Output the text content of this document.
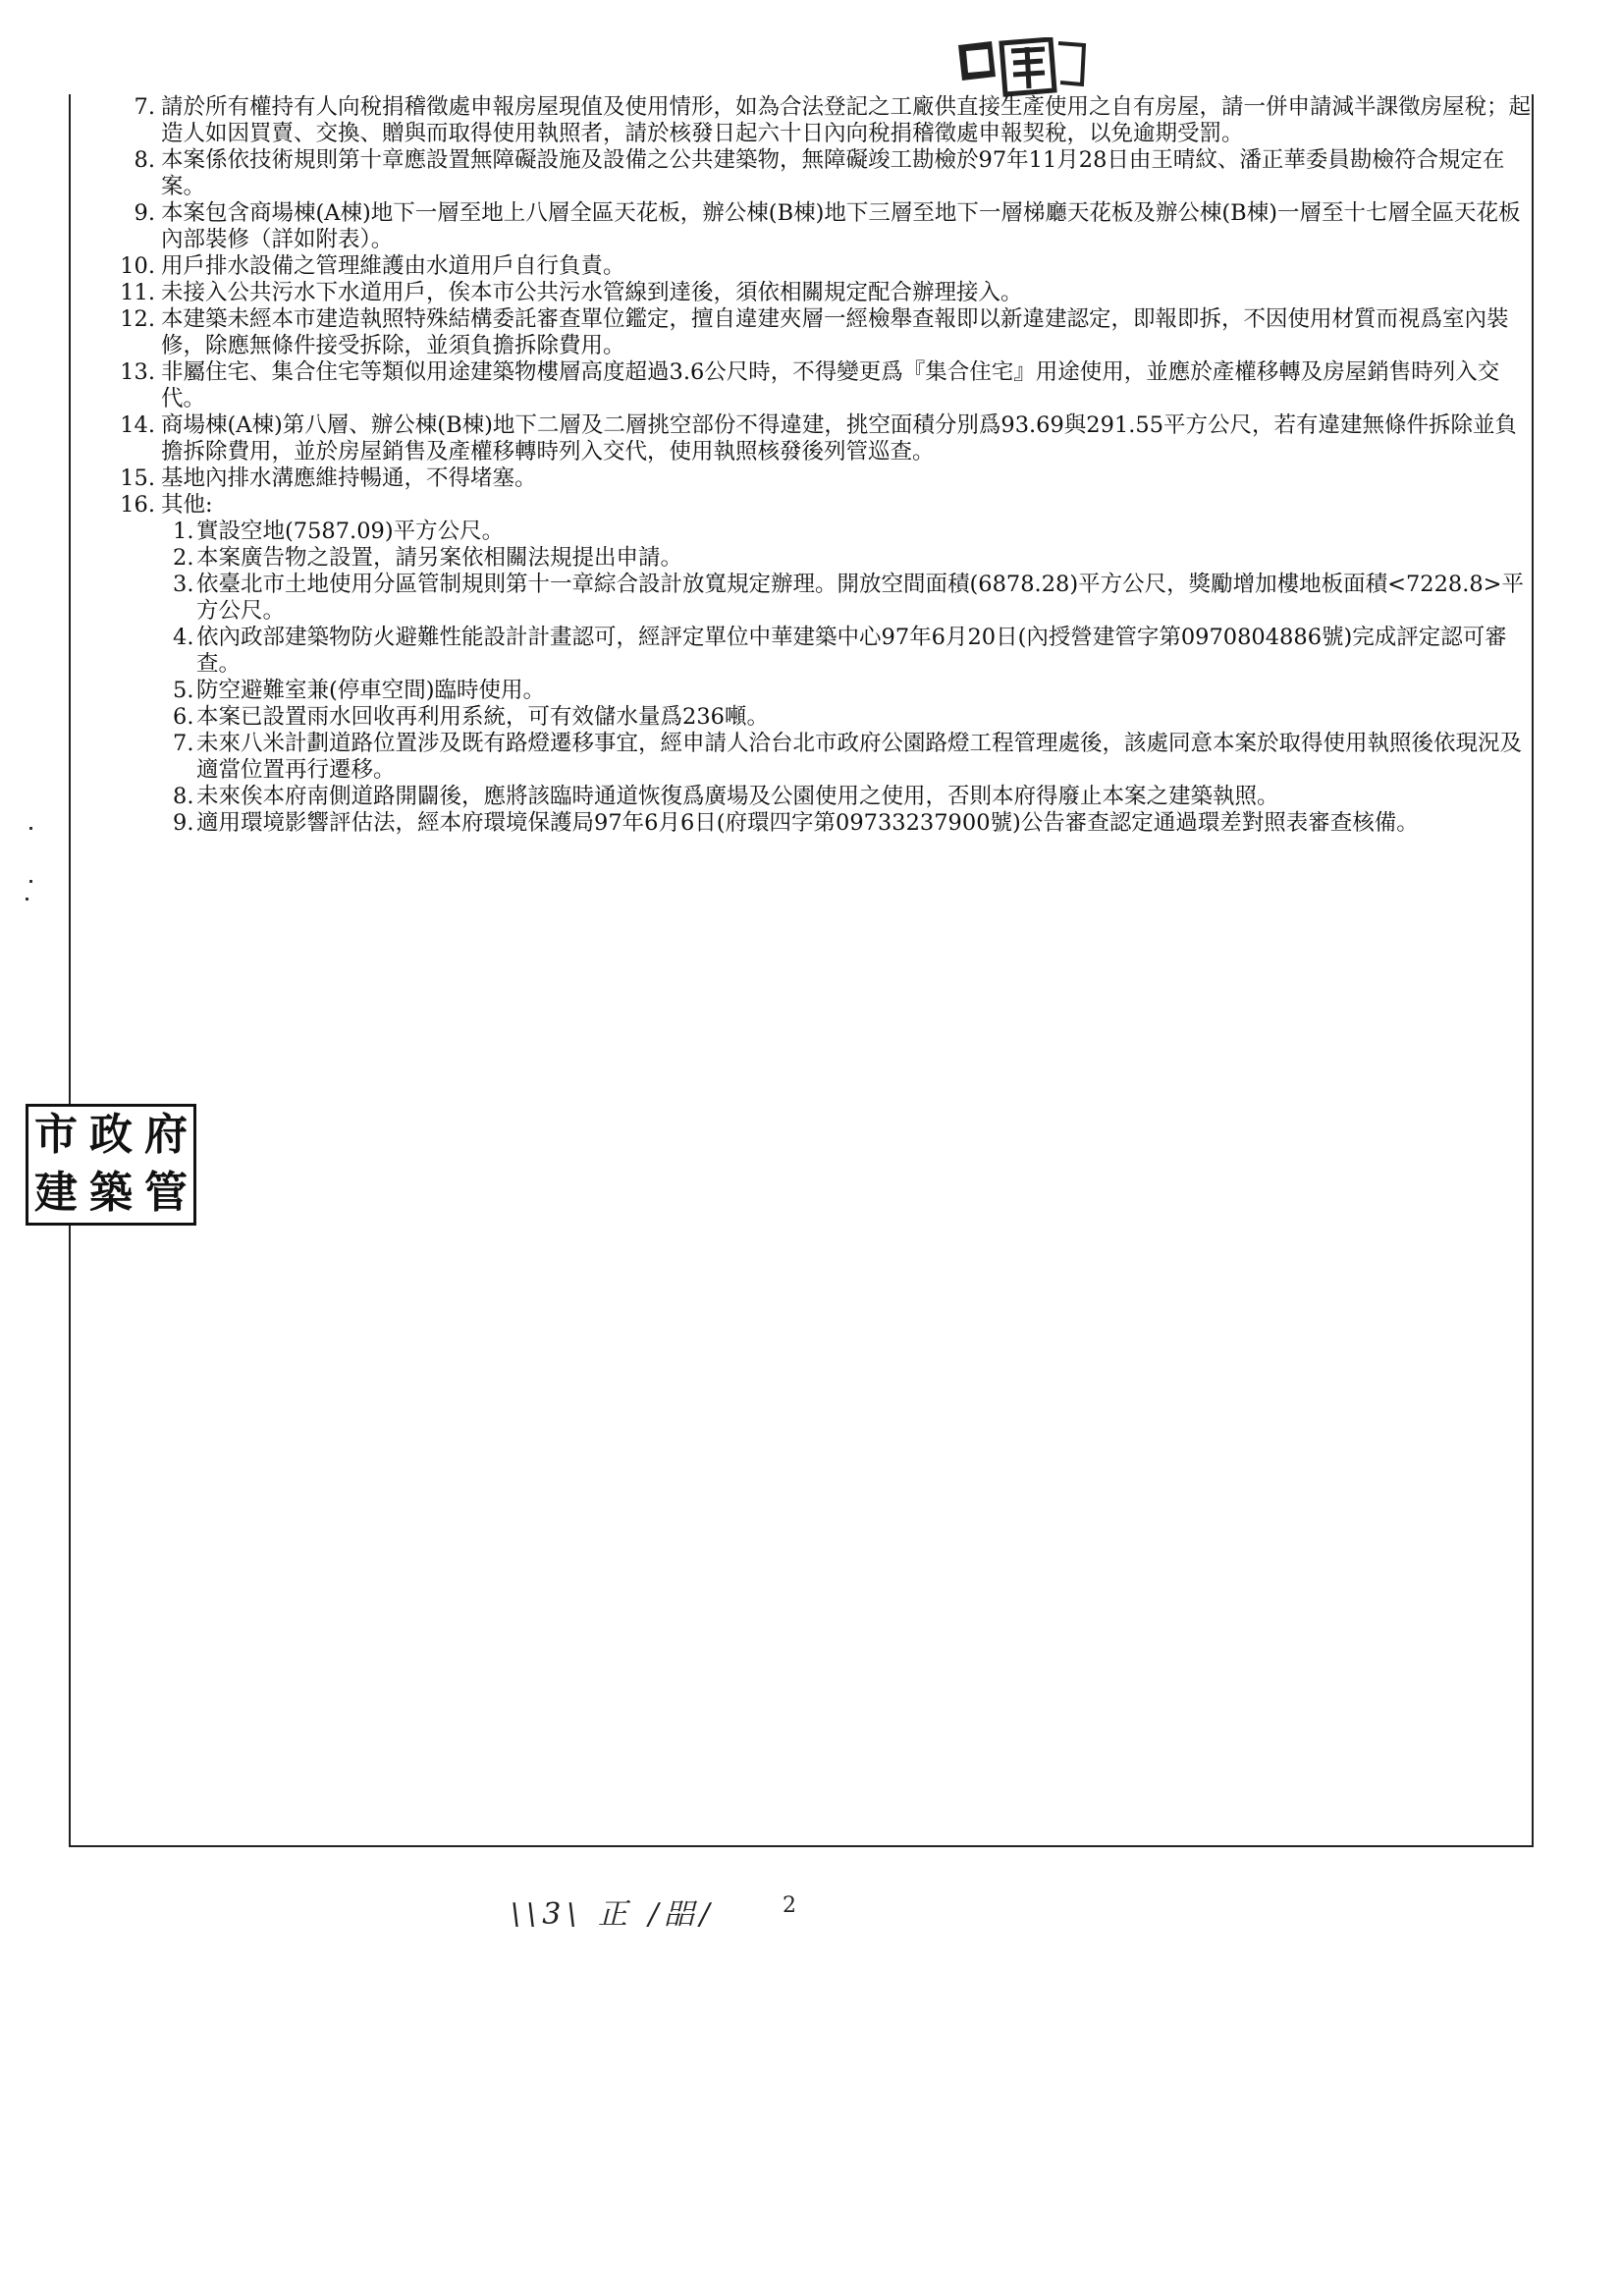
7. 請於所有權持有人向稅捐稽徵處申報房屋現值及使用情形，如為合法登記之工廠供直接生產使用之自有房屋，請一併申請減半課徵房屋稅；起造人如因買賣、交換、贈與而取得使用執照者，請於核發日起六十日內向稅捐稽徵處申報契稅，以免逾期受罰。
8. 本案係依技術規則第十章應設置無障礙設施及設備之公共建築物，無障礙竣工勘檢於97年11月28日由王晴紋、潘正華委員勘檢符合規定在案。
9. 本案包含商場棟(A棟)地下一層至地上八層全區天花板，辦公棟(B棟)地下三層至地下一層梯廳天花板及辦公棟(B棟)一層至十七層全區天花板內部裝修（詳如附表）。
10. 用戶排水設備之管理維護由水道用戶自行負責。
11. 未接入公共污水下水道用戶，俟本市公共污水管線到達後，須依相關規定配合辦理接入。
12. 本建築未經本市建造執照特殊結構委託審查單位鑑定，擅自違建夾層一經檢舉查報即以新違建認定，即報即拆，不因使用材質而視爲室內裝修，除應無條件接受拆除，並須負擔拆除費用。
13. 非屬住宅、集合住宅等類似用途建築物樓層高度超過3.6公尺時，不得變更爲『集合住宅』用途使用，並應於產權移轉及房屋銷售時列入交代。
14. 商場棟(A棟)第八層、辦公棟(B棟)地下二層及二層挑空部份不得違建，挑空面積分別爲93.69與291.55平方公尺，若有違建無條件拆除並負擔拆除費用，並於房屋銷售及產權移轉時列入交代，使用執照核發後列管巡查。
15. 基地內排水溝應維持暢通，不得堵塞。
16. 其他:
1. 實設空地(7587.09)平方公尺。
2. 本案廣告物之設置，請另案依相關法規提出申請。
3. 依臺北市土地使用分區管制規則第十一章綜合設計放寬規定辦理。開放空間面積(6878.28)平方公尺，獎勵增加樓地板面積<7228.8>平方公尺。
4. 依內政部建築物防火避難性能設計計畫認可，經評定單位中華建築中心97年6月20日(內授營建管字第0970804886號)完成評定認可審查。
5. 防空避難室兼(停車空間)臨時使用。
6. 本案已設置雨水回收再利用系統，可有效儲水量爲236噸。
7. 未來八米計劃道路位置涉及既有路燈遷移事宜，經申請人洽台北市政府公園路燈工程管理處後，該處同意本案於取得使用執照後依現況及適當位置再行遷移。
8. 未來俟本府南側道路開闢後，應將該臨時通道恢復爲廣場及公園使用之使用，否則本府得廢止本案之建築執照。
9. 適用環境影響評估法，經本府環境保護局97年6月6日(府環四字第09733237900號)公告審查認定通過環差對照表審查核備。
市 政 府
建 築 管
\\3\ 正 /㗊/	2
